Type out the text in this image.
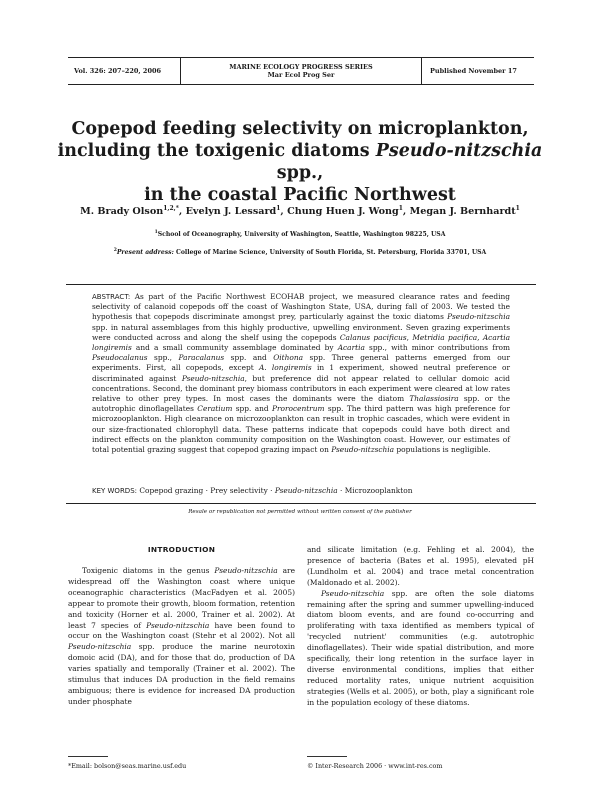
Vol. 326: 207–220, 2006	MARINE ECOLOGY PROGRESS SERIES
Mar Ecol Prog Ser	Published November 17
Copepod feeding selectivity on microplankton,
including the toxigenic diatoms Pseudo-nitzschia spp.,
in the coastal Pacific Northwest
M. Brady Olson$^{1,2,*}$, Evelyn J. Lessard$^1$, Chung Huen J. Wong$^1$, Megan J. Bernhardt$^1$
$^1$School of Oceanography, University of Washington, Seattle, Washington 98225, USA
$^2$Present address: College of Marine Science, University of South Florida, St. Petersburg, Florida 33701, USA
ABSTRACT: As part of the Pacific Northwest ECOHAB project, we measured clearance rates and feeding selectivity of calanoid copepods off the coast of Washington State, USA, during fall of 2003. We tested the hypothesis that copepods discriminate amongst prey, particularly against the toxic diatoms Pseudo-nitzschia spp. in natural assemblages from this highly productive, upwelling environment. Seven grazing experiments were conducted across and along the shelf using the copepods Calanus pacificus, Metridia pacifica, Acartia longiremis and a small community assemblage dominated by Acartia spp., with minor contributions from Pseudocalanus spp., Paracalanus spp. and Oithona spp. Three general patterns emerged from our experiments. First, all copepods, except A. longiremis in 1 experiment, showed neutral preference or discriminated against Pseudo-nitzschia, but preference did not appear related to cellular domoic acid concentrations. Second, the dominant prey biomass contributors in each experiment were cleared at low rates relative to other prey types. In most cases the dominants were the diatom Thalassiosira spp. or the autotrophic dinoflagellates Ceratium spp. and Prorocentrum spp. The third pattern was high preference for microzooplankton. High clearance on microzooplankton can result in trophic cascades, which were evident in our size-fractionated chlorophyll data. These patterns indicate that copepods could have both direct and indirect effects on the plankton community composition on the Washington coast. However, our estimates of total potential grazing suggest that copepod grazing impact on Pseudo-nitzschia populations is negligible.
KEY WORDS: Copepod grazing · Prey selectivity · Pseudo-nitzschia · Microzooplankton
Resale or republication not permitted without written consent of the publisher
INTRODUCTION

Toxigenic diatoms in the genus Pseudo-nitzschia are widespread off the Washington coast where unique oceanographic characteristics (MacFadyen et al. 2005) appear to promote their growth, bloom formation, retention and toxicity (Horner et al. 2000, Trainer et al. 2002). At least 7 species of Pseudo-nitzschia have been found to occur on the Washington coast (Stehr et al 2002). Not all Pseudo-nitzschia spp. produce the marine neurotoxin domoic acid (DA), and for those that do, production of DA varies spatially and temporally (Trainer et al. 2002). The stimulus that induces DA production in the field remains ambiguous; there is evidence for increased DA production under phosphate

and silicate limitation (e.g. Fehling et al. 2004), the presence of bacteria (Bates et al. 1995), elevated pH (Lundholm et al. 2004) and trace metal concentration (Maldonado et al. 2002).

Pseudo-nitzschia spp. are often the sole diatoms remaining after the spring and summer upwelling-induced diatom bloom events, and are found co-occurring and proliferating with taxa identified as members typical of 'recycled nutrient' communities (e.g. autotrophic dinoflagellates). Their wide spatial distribution, and more specifically, their long retention in the surface layer in diverse environmental conditions, implies that either reduced mortality rates, unique nutrient acquisition strategies (Wells et al. 2005), or both, play a significant role in the population ecology of these diatoms.

*Email: bolson@seas.marine.usf.edu	© Inter-Research 2006 · www.int-res.com
